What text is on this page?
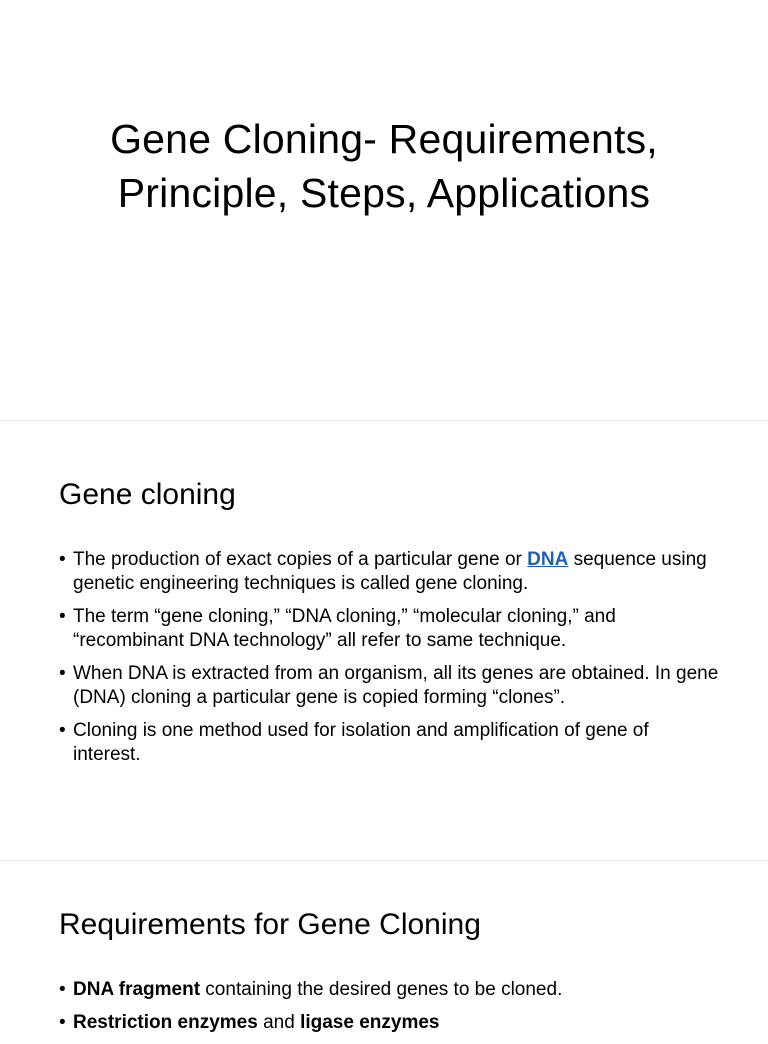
Gene Cloning- Requirements,
Principle, Steps, Applications
Gene cloning
• The production of exact copies of a particular gene or DNA sequence using genetic engineering techniques is called gene cloning.
• The term “gene cloning,” “DNA cloning,” “molecular cloning,” and “recombinant DNA technology” all refer to same technique.
• When DNA is extracted from an organism, all its genes are obtained. In gene (DNA) cloning a particular gene is copied forming “clones”.
• Cloning is one method used for isolation and amplification of gene of interest.
Requirements for Gene Cloning
• DNA fragment containing the desired genes to be cloned.
• Restriction enzymes and ligase enzymes
